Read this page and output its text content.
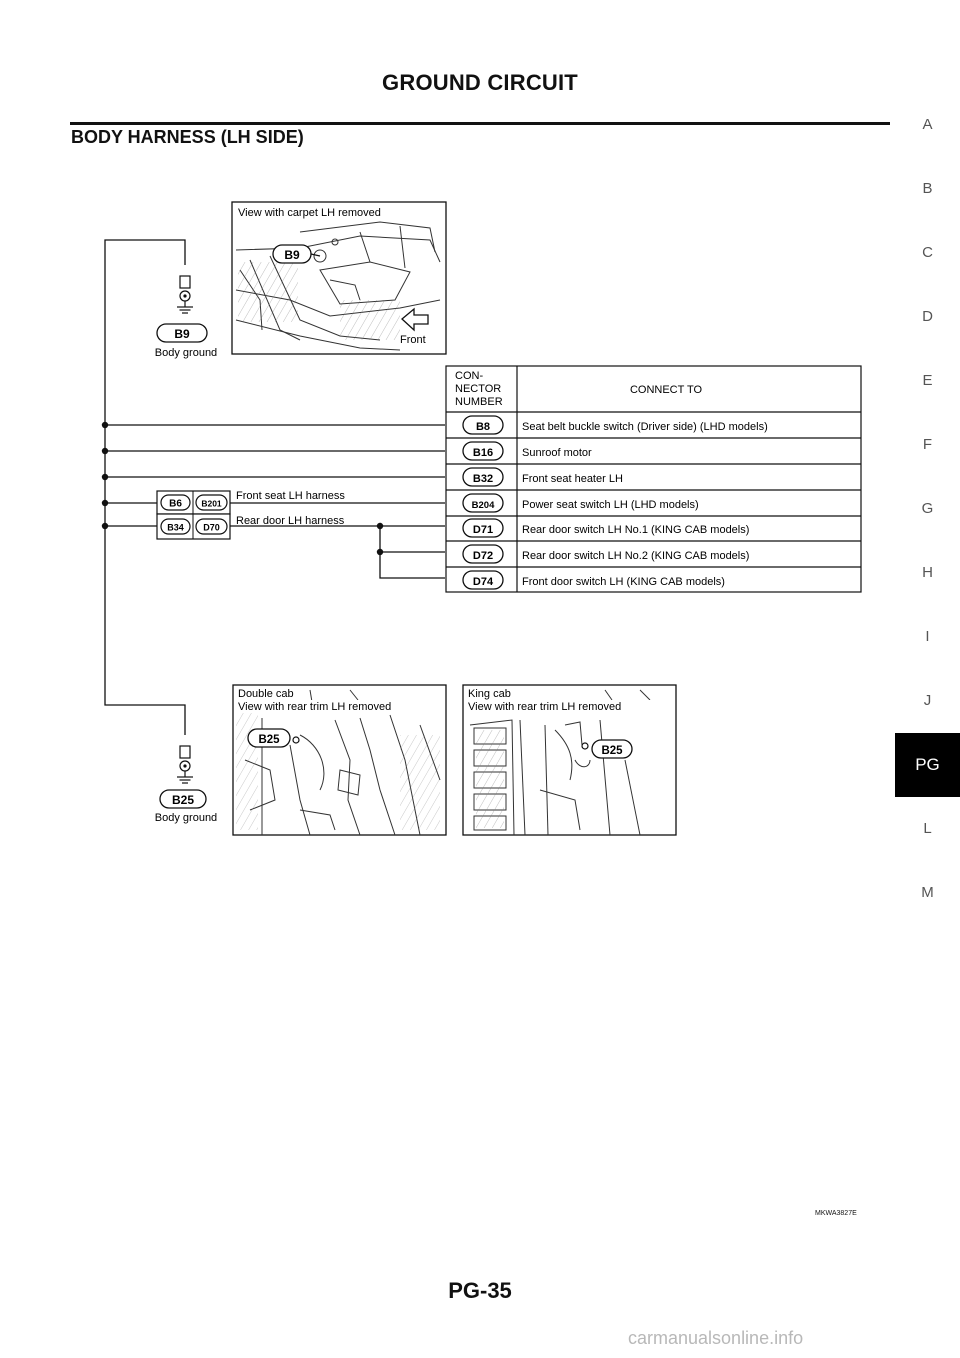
GROUND CIRCUIT
BODY HARNESS (LH SIDE)
A
B
C
D
E
F
G
H
I
J
PG
L
M
B9
Body ground
B25
Body ground
View with carpet LH removed
B9
Front
CON-
NECTOR
NUMBER
CONNECT TO
B8	Seat belt buckle switch (Driver side) (LHD models)
B16	Sunroof motor
B32	Front seat heater LH
B204	Power seat switch LH (LHD models)
D71	Rear door switch LH No.1 (KING CAB models)
D72	Rear door switch LH No.2 (KING CAB models)
D74	Front door switch LH (KING CAB models)
B6 B201
Front seat LH harness
B34 D70
Rear door LH harness
Double cab
View with rear trim LH removed
B25
King cab
View with rear trim LH removed
B25
MKWA3827E
PG-35
carmanualsonline.info
